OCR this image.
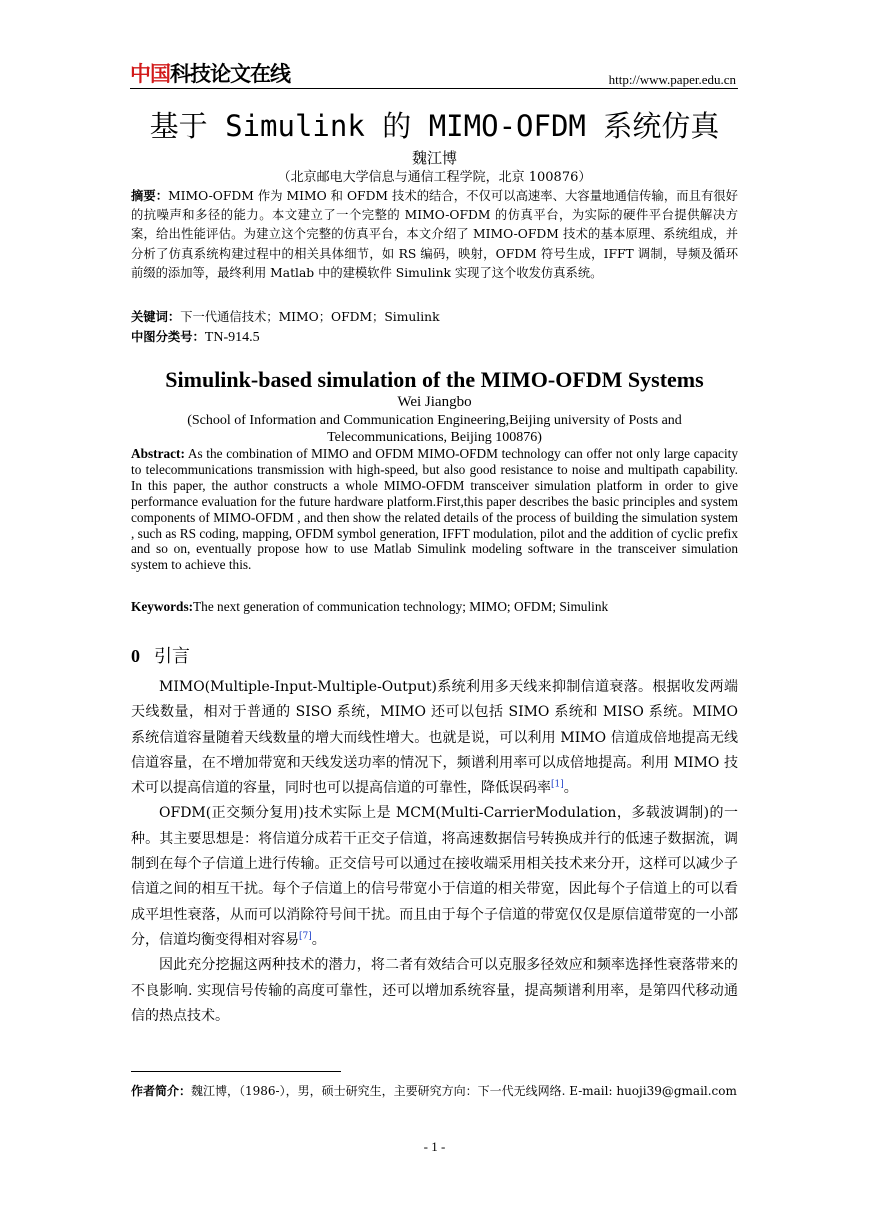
中国科技论文在线	http://www.paper.edu.cn
基于 Simulink 的 MIMO-OFDM 系统仿真
魏江博
（北京邮电大学信息与通信工程学院，北京 100876）
摘要：MIMO-OFDM 作为 MIMO 和 OFDM 技术的结合，不仅可以高速率、大容量地通信传输，而且有很好的抗噪声和多径的能力。本文建立了一个完整的 MIMO-OFDM 的仿真平台，为实际的硬件平台提供解决方案，给出性能评估。为建立这个完整的仿真平台，本文介绍了 MIMO-OFDM 技术的基本原理、系统组成，并分析了仿真系统构建过程中的相关具体细节，如 RS 编码，映射，OFDM 符号生成，IFFT 调制，导频及循环前缀的添加等，最终利用 Matlab 中的建模软件 Simulink 实现了这个收发仿真系统。
关键词：下一代通信技术；MIMO；OFDM；Simulink
中图分类号：TN-914.5
Simulink-based simulation of the MIMO-OFDM Systems
Wei Jiangbo
(School of Information and Communication Engineering,Beijing university of Posts and Telecommunications, Beijing 100876)
Abstract: As the combination of MIMO and OFDM MIMO-OFDM technology can offer not only large capacity to telecommunications transmission with high-speed, but also good resistance to noise and multipath capability. In this paper, the author constructs a whole MIMO-OFDM transceiver simulation platform in order to give performance evaluation for the future hardware platform.First,this paper describes the basic principles and system components of MIMO-OFDM , and then show the related details of the process of building the simulation system , such as RS coding, mapping, OFDM symbol generation, IFFT modulation, pilot and the addition of cyclic prefix and so on, eventually propose how to use Matlab Simulink modeling software in the transceiver simulation system to achieve this.
Keywords:The next generation of communication technology; MIMO; OFDM; Simulink
0 引言

MIMO(Multiple-Input-Multiple-Output)系统利用多天线来抑制信道衰落。根据收发两端天线数量，相对于普通的 SISO 系统，MIMO 还可以包括 SIMO 系统和 MISO 系统。MIMO 系统信道容量随着天线数量的增大而线性增大。也就是说，可以利用 MIMO 信道成倍地提高无线信道容量，在不增加带宽和天线发送功率的情况下，频谱利用率可以成倍地提高。利用 MIMO 技术可以提高信道的容量，同时也可以提高信道的可靠性，降低误码率[1]。

OFDM(正交频分复用)技术实际上是 MCM(Multi-CarrierModulation，多载波调制)的一种。其主要思想是：将信道分成若干正交子信道，将高速数据信号转换成并行的低速子数据流，调制到在每个子信道上进行传输。正交信号可以通过在接收端采用相关技术来分开，这样可以减少子信道之间的相互干扰。每个子信道上的信号带宽小于信道的相关带宽，因此每个子信道上的可以看成平坦性衰落，从而可以消除符号间干扰。而且由于每个子信道的带宽仅仅是原信道带宽的一小部分，信道均衡变得相对容易[7]。

因此充分挖掘这两种技术的潜力，将二者有效结合可以克服多径效应和频率选择性衰落带来的不良影响. 实现信号传输的高度可靠性，还可以增加系统容量，提高频谱利用率，是第四代移动通信的热点技术。

作者简介：魏江博，（1986-），男，硕士研究生，主要研究方向：下一代无线网络. E-mail: huoji39@gmail.com
- 1 -
